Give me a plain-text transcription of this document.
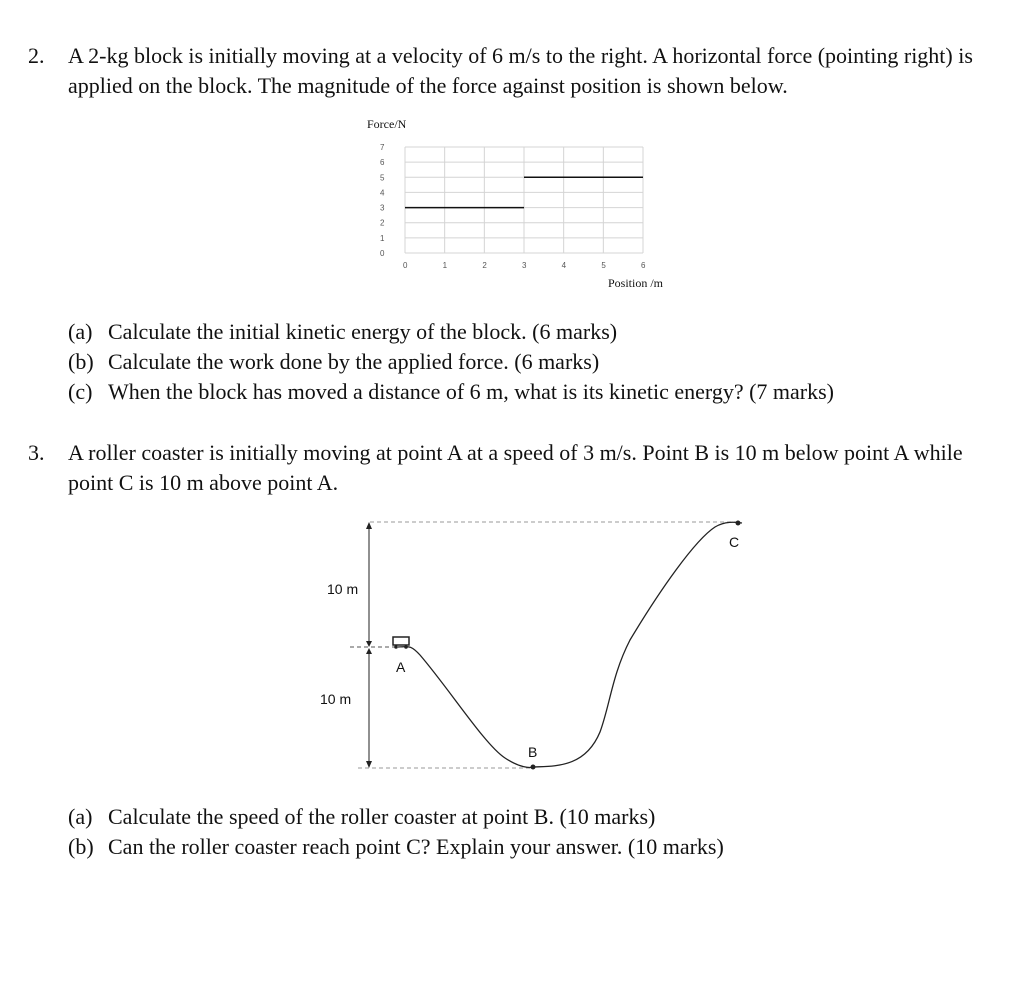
2. A 2-kg block is initially moving at a velocity of 6 m/s to the right. A horizontal force (pointing right) is applied on the block. The magnitude of the force against position is shown below.

Force/N
Position /m
0
1
2
3
4
5
6
7
0	1	2	3	4	5	6
(a) Calculate the initial kinetic energy of the block. (6 marks)
(b) Calculate the work done by the applied force. (6 marks)
(c) When the block has moved a distance of 6 m, what is its kinetic energy? (7 marks)
3. A roller coaster is initially moving at point A at a speed of 3 m/s. Point B is 10 m below point A while point C is 10 m above point A.

10 m
10 m
A
B
C
(a) Calculate the speed of the roller coaster at point B. (10 marks)
(b) Can the roller coaster reach point C? Explain your answer. (10 marks)
